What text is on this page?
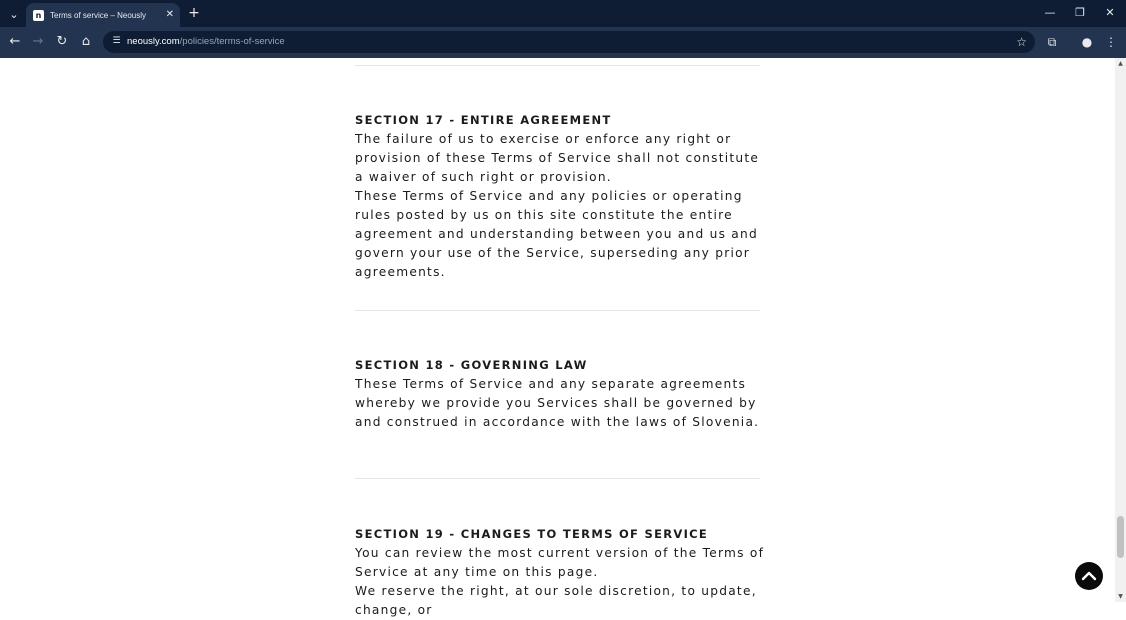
⌄	n	Terms of service – Neously	✕ +	—	❐	✕
← → ↻	⌂	☰ neously.com/policies/terms-of-service	☆	⧉	●	⋮
SECTION 17 - ENTIRE AGREEMENT

The failure of us to exercise or enforce any right or provision of these Terms of Service shall not constitute a waiver of such right or provision.

These Terms of Service and any policies or operating rules posted by us on this site constitute the entire agreement and understanding between you and us and govern your use of the Service, superseding any prior agreements.

SECTION 18 - GOVERNING LAW

These Terms of Service and any separate agreements whereby we provide you Services shall be governed by and construed in accordance with the laws of Slovenia.

SECTION 19 - CHANGES TO TERMS OF SERVICE

You can review the most current version of the Terms of Service at any time on this page.

We reserve the right, at our sole discretion, to update, change, or

▲
▼
